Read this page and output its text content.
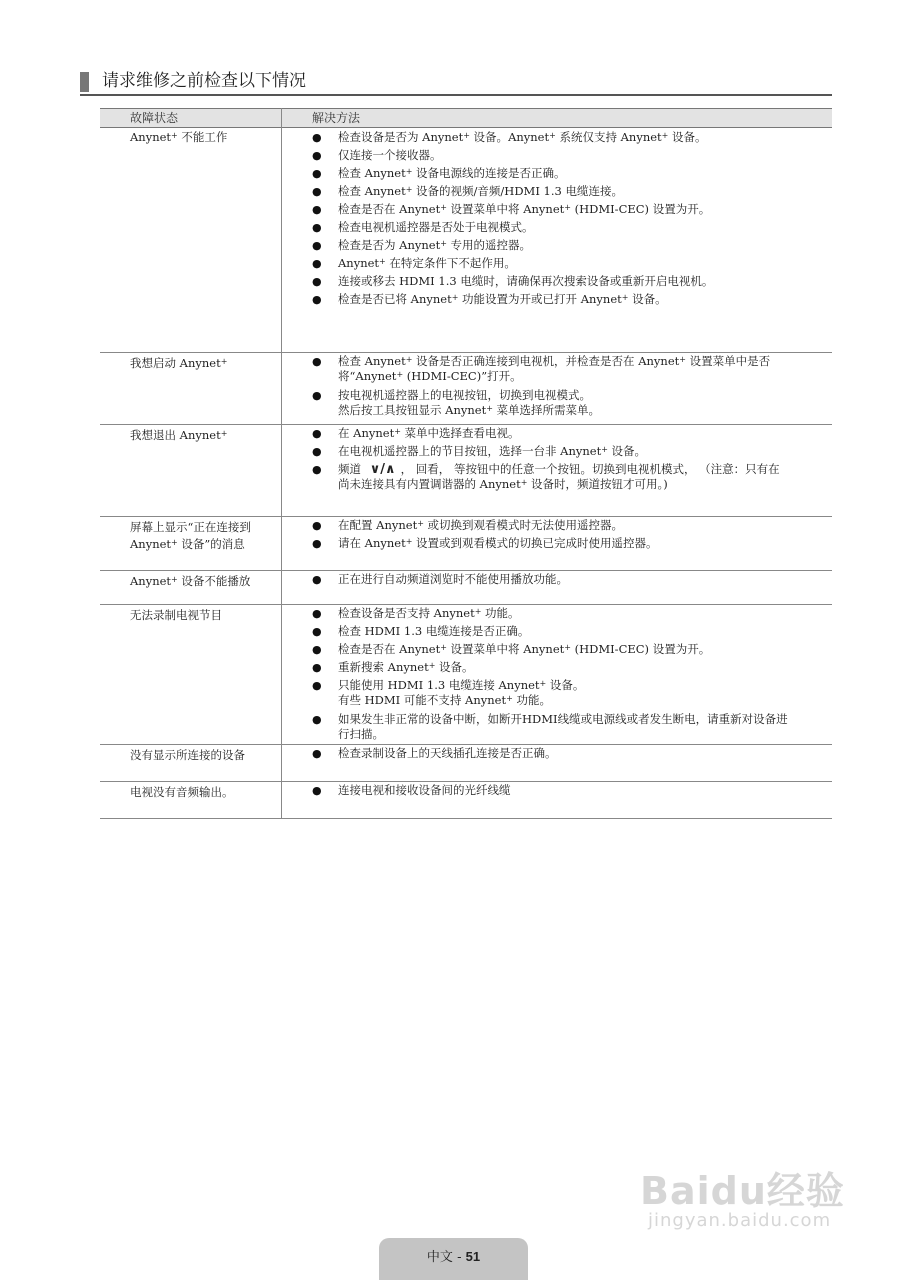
请求维修之前检查以下情况
故障状态	解决方法
Anynet+ 不能工作	● 检查设备是否为 Anynet+ 设备。Anynet+ 系统仅支持 Anynet+ 设备。
● 仅连接一个接收器。
● 检查 Anynet+ 设备电源线的连接是否正确。
● 检查 Anynet+ 设备的视频/音频/HDMI 1.3 电缆连接。
● 检查是否在 Anynet+ 设置菜单中将 Anynet+ (HDMI-CEC) 设置为开。
● 检查电视机遥控器是否处于电视模式。
● 检查是否为 Anynet+ 专用的遥控器。
● Anynet+ 在特定条件下不起作用。
● 连接或移去 HDMI 1.3 电缆时，请确保再次搜索设备或重新开启电视机。
● 检查是否已将 Anynet+ 功能设置为开或已打开 Anynet+ 设备。
我想启动 Anynet+	● 检查 Anynet+ 设备是否正确连接到电视机，并检查是否在 Anynet+ 设置菜单中是否
将“Anynet+ (HDMI-CEC)”打开。
● 按电视机遥控器上的电视按钮，切换到电视模式。
然后按工具按钮显示 Anynet+ 菜单选择所需菜单。
我想退出 Anynet+	● 在 Anynet+ 菜单中选择查看电视。
● 在电视机遥控器上的节目按钮，选择一台非 Anynet+ 设备。
● 频道 ∨/∧ ， 回看， 等按钮中的任意一个按钮。切换到电视机模式， （注意：只有在
尚未连接具有内置调谐器的 Anynet+ 设备时，频道按钮才可用。)
屏幕上显示“正在连接到
Anynet+ 设备”的消息
● 在配置 Anynet+ 或切换到观看模式时无法使用遥控器。
● 请在 Anynet+ 设置或到观看模式的切换已完成时使用遥控器。
Anynet+ 设备不能播放	● 正在进行自动频道浏览时不能使用播放功能。
无法录制电视节目	● 检查设备是否支持 Anynet+ 功能。
● 检查 HDMI 1.3 电缆连接是否正确。
● 检查是否在 Anynet+ 设置菜单中将 Anynet+ (HDMI-CEC) 设置为开。
● 重新搜索 Anynet+ 设备。
● 只能使用 HDMI 1.3 电缆连接 Anynet+ 设备。
有些 HDMI 可能不支持 Anynet+ 功能。
● 如果发生非正常的设备中断，如断开HDMI线缆或电源线或者发生断电，请重新对设备进
行扫描。
没有显示所连接的设备	● 检查录制设备上的天线插孔连接是否正确。
电视没有音频输出。	● 连接电视和接收设备间的光纤线缆
中文 - 51
Baidu经验
jingyan.baidu.com
